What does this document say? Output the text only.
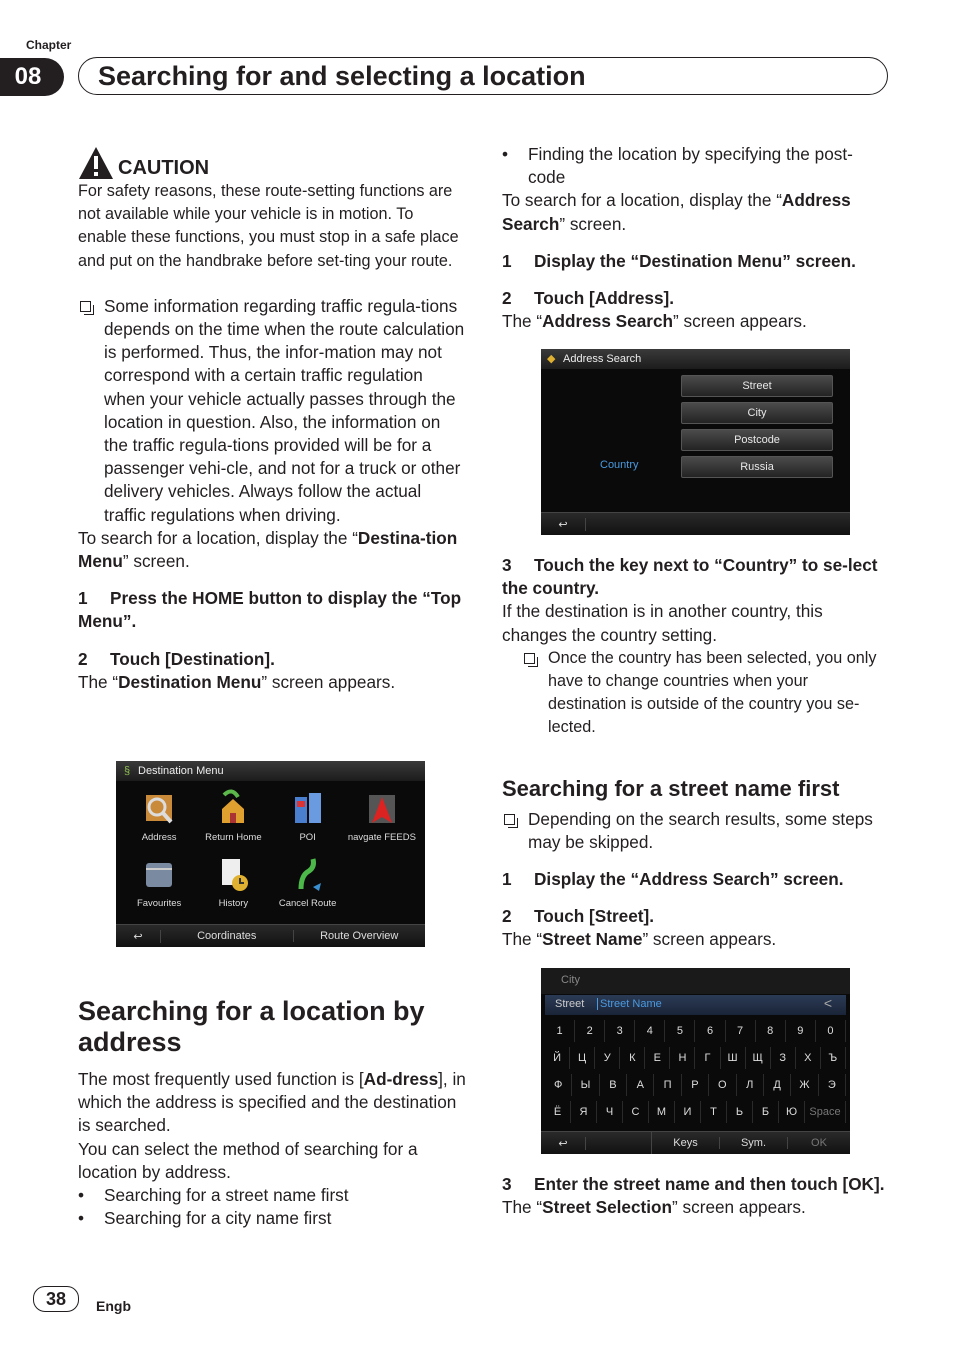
Chapter
08	Searching for and selecting a location
CAUTION

For safety reasons, these route-setting functions are not available while your vehicle is in motion. To enable these functions, you must stop in a safe place and put on the handbrake before set-ting your route.

Some information regarding traffic regula-tions depends on the time when the route calculation is performed. Thus, the infor-mation may not correspond with a certain traffic regulation when your vehicle actually passes through the location in question. Also, the information on the traffic regula-tions provided will be for a passenger vehi-cle, and not for a truck or other delivery vehicles. Always follow the actual traffic regulations when driving.

To search for a location, display the “Destina-tion Menu” screen.

1 Press the HOME button to display the “Top Menu”.

2 Touch [Destination].

The “Destination Menu” screen appears.

§ Destination Menu
Address	Return Home	POI	navgate FEEDS
Favourites	History	Cancel Route
↩	Coordinates	Route Overview
Searching for a location by address

The most frequently used function is [Ad-dress], in which the address is specified and the destination is searched.

You can select the method of searching for a location by address.

• Searching for a street name first
• Searching for a city name first
• Finding the location by specifying the post-code

To search for a location, display the “Address Search” screen.

1 Display the “Destination Menu” screen.

2 Touch [Address].

The “Address Search” screen appears.

◆ Address Search
Street
City
Postcode
Country	Russia
↩

3 Touch the key next to “Country” to se-lect the country.

If the destination is in another country, this changes the country setting.

Once the country has been selected, you only have to change countries when your destination is outside of the country you se-lected.
Searching for a street name first
Depending on the search results, some steps may be skipped.

1 Display the “Address Search” screen.

2 Touch [Street].

The “Street Name” screen appears.

City
Street Street Name	<
1	2	3	4	5	6	7	8	9	0
Й	Ц	У	К	Е	Н	Г	Ш	Щ	З	Х	Ъ
Ф	Ы	В	А	П	Р	О	Л	Д	Ж	Э
Ё	Я	Ч	С	М	И	Т	Ь	Б	Ю	Space
↩	Keys	Sym.	OK

3 Enter the street name and then touch [OK].

The “Street Selection” screen appears.

38	Engb
